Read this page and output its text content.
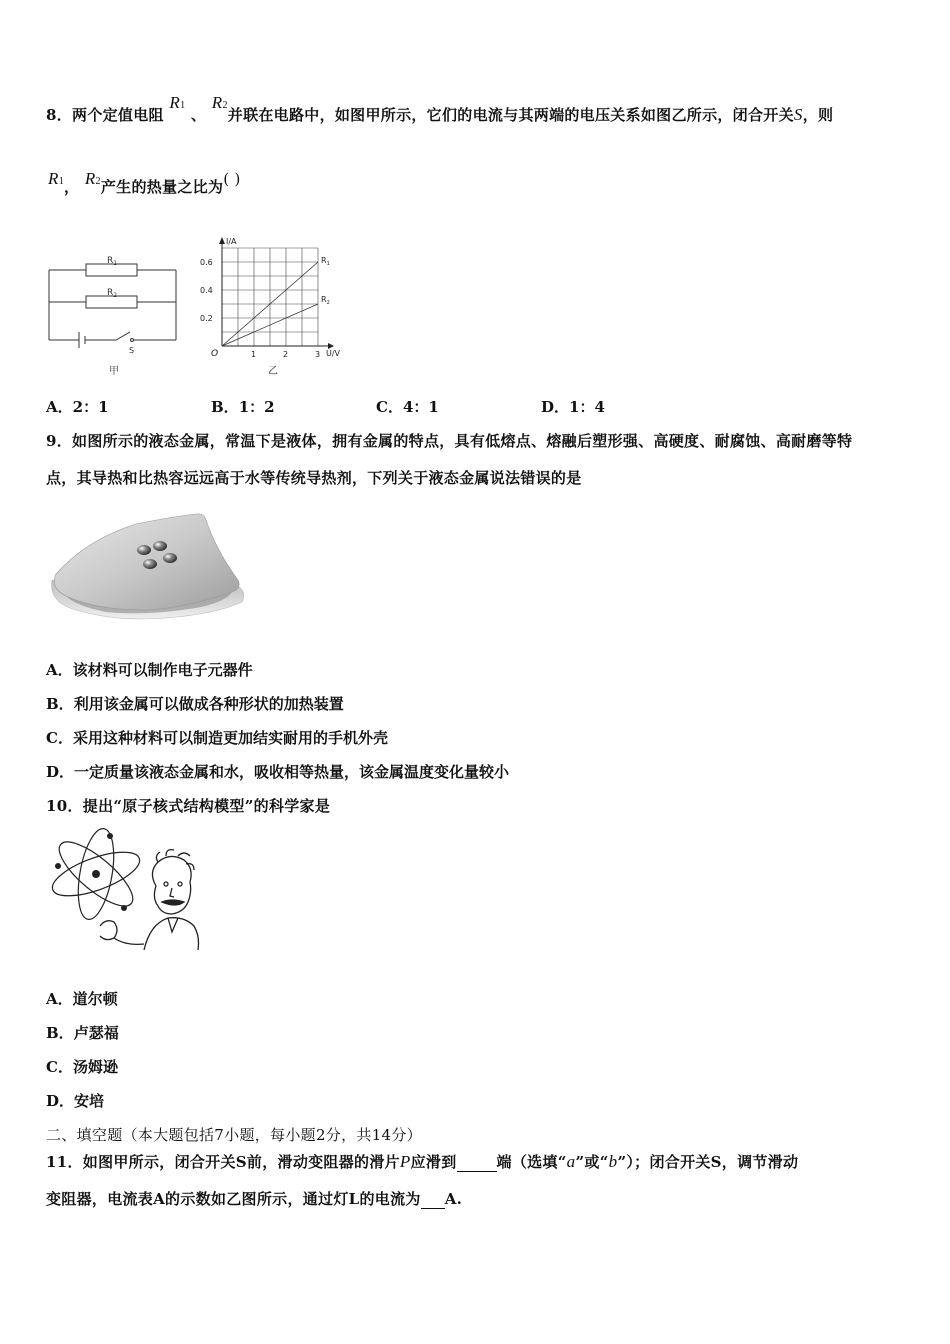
8．两个定值电阻 R1 、 R2并联在电路中，如图甲所示，它们的电流与其两端的电压关系如图乙所示，闭合开关S，则
R1， R2产生的热量之比为( )
$R_1$
$R_2$
S
甲
1	2	3
0.2
0.4
0.6
I/A
U/V
O
$R_1$
$R_2$
乙
A．2：1	B．1：2	C．4：1	D．1：4
9．如图所示的液态金属，常温下是液体，拥有金属的特点，具有低熔点、熔融后塑形强、高硬度、耐腐蚀、高耐磨等特
点，其导热和比热容远远高于水等传统导热剂，下列关于液态金属说法错误的是
A．该材料可以制作电子元器件
B．利用该金属可以做成各种形状的加热装置
C．采用这种材料可以制造更加结实耐用的手机外壳
D．一定质量该液态金属和水，吸收相等热量，该金属温度变化量较小
10．提出“原子核式结构模型”的科学家是
A．道尔顿
B．卢瑟福
C．汤姆逊
D．安培
二、填空题（本大题包括7小题，每小题2分，共14分）
11．如图甲所示，闭合开关S前，滑动变阻器的滑片P应滑到	端（选填“a”或“b”）；闭合开关S，调节滑动
变阻器，电流表A的示数如乙图所示，通过灯L的电流为 A.
